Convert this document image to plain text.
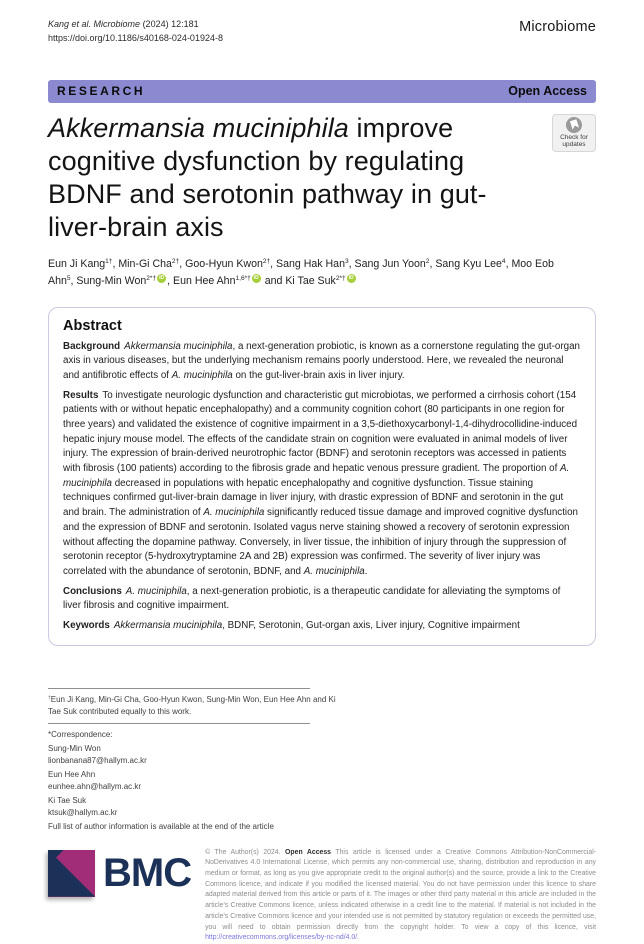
Kang et al. Microbiome (2024) 12:181
https://doi.org/10.1186/s40168-024-01924-8
Microbiome
RESEARCH	Open Access
Akkermansia muciniphila improve cognitive dysfunction by regulating BDNF and serotonin pathway in gut-liver-brain axis
Check for
updates

Eun Ji Kang$^{1\dagger}$, Min-Gi Cha$^{2\dagger}$, Goo-Hyun Kwon$^{2\dagger}$, Sang Hak Han$^3$, Sang Jun Yoon$^2$, Sang Kyu Lee$^4$, Moo Eob Ahn$^5$, Sung-Min Won$^{2*\dagger}$ iD , Eun Hee Ahn$^{1,6*\dagger}$ iD and Ki Tae Suk$^{2*\dagger}$ iD

Abstract

Background Akkermansia muciniphila, a next-generation probiotic, is known as a cornerstone regulating the gut-organ axis in various diseases, but the underlying mechanism remains poorly understood. Here, we revealed the neuronal and antifibrotic effects of A. muciniphila on the gut-liver-brain axis in liver injury.

Results To investigate neurologic dysfunction and characteristic gut microbiotas, we performed a cirrhosis cohort (154 patients with or without hepatic encephalopathy) and a community cognition cohort (80 participants in one region for three years) and validated the existence of cognitive impairment in a 3,5-diethoxycarbonyl-1,4-dihydrocollidine-induced hepatic injury mouse model. The effects of the candidate strain on cognition were evaluated in animal models of liver injury. The expression of brain-derived neurotrophic factor (BDNF) and serotonin receptors was accessed in patients with fibrosis (100 patients) according to the fibrosis grade and hepatic venous pressure gradient. The proportion of A. muciniphila decreased in populations with hepatic encephalopathy and cognitive dysfunction. Tissue staining techniques confirmed gut-liver-brain damage in liver injury, with drastic expression of BDNF and serotonin in the gut and brain. The administration of A. muciniphila significantly reduced tissue damage and improved cognitive dysfunction and the expression of BDNF and serotonin. Isolated vagus nerve staining showed a recovery of serotonin expression without affecting the dopamine pathway. Conversely, in liver tissue, the inhibition of injury through the suppression of serotonin receptor (5-hydroxytryptamine 2A and 2B) expression was confirmed. The severity of liver injury was correlated with the abundance of serotonin, BDNF, and A. muciniphila.

Conclusions A. muciniphila, a next-generation probiotic, is a therapeutic candidate for alleviating the symptoms of liver fibrosis and cognitive impairment.

Keywords Akkermansia muciniphila, BDNF, Serotonin, Gut-organ axis, Liver injury, Cognitive impairment

†Eun Ji Kang, Min-Gi Cha, Goo-Hyun Kwon, Sung-Min Won, Eun Hee Ahn and Ki Tae Suk contributed equally to this work.

*Correspondence:

Sung-Min Won

lionbanana87@hallym.ac.kr

Eun Hee Ahn

eunhee.ahn@hallym.ac.kr

Ki Tae Suk

ktsuk@hallym.ac.kr

Full list of author information is available at the end of the article

BMC © The Author(s) 2024. Open Access This article is licensed under a Creative Commons Attribution-NonCommercial-NoDerivatives 4.0 International License, which permits any non-commercial use, sharing, distribution and reproduction in any medium or format, as long as you give appropriate credit to the original author(s) and the source, provide a link to the Creative Commons licence, and indicate if you modified the licensed material. You do not have permission under this licence to share adapted material derived from this article or parts of it. The images or other third party material in this article are included in the article's Creative Commons licence, unless indicated otherwise in a credit line to the material. If material is not included in the article's Creative Commons licence and your intended use is not permitted by statutory regulation or exceeds the permitted use, you will need to obtain permission directly from the copyright holder. To view a copy of this licence, visit http://creativecommons.org/licenses/by-nc-nd/4.0/.
